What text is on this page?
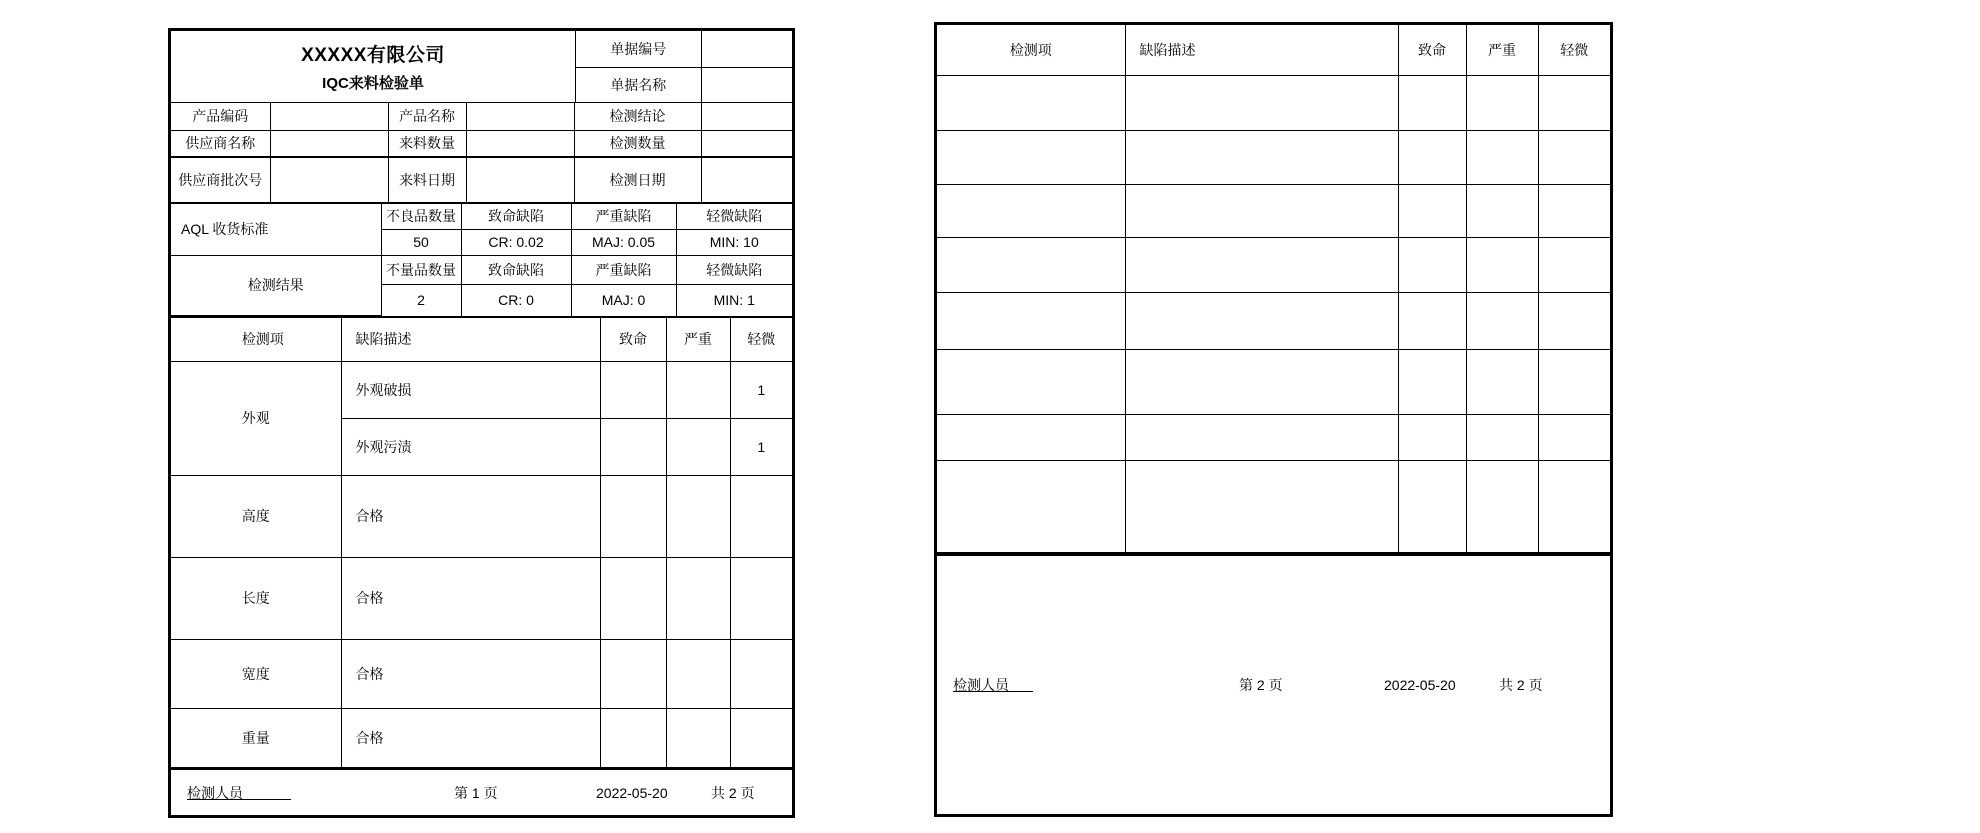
XXXXX有限公司
IQC来料检验单
单据编号	
单据名称	
产品编码		产品名称		检测结论	
供应商名称		来料数量		检测数量	
供应商批次号		来料日期		检测日期	
AQL 收货标准	不良品数量	致命缺陷	严重缺陷	轻微缺陷
	50	CR: 0.02	MAJ: 0.05	MIN: 10
检测结果	不量品数量	致命缺陷	严重缺陷	轻微缺陷
	2	CR: 0	MAJ: 0	MIN: 1
检测项	缺陷描述	致命	严重	轻微
外观	外观破损			1
	外观污渍			1
高度	合格			
长度	合格			
宽度	合格			
重量	合格			
检测人员	第 1 页	2022-05-20	共 2 页
检测项	缺陷描述	致命	严重	轻微

检测人员	第 2 页	2022-05-20	共 2 页
